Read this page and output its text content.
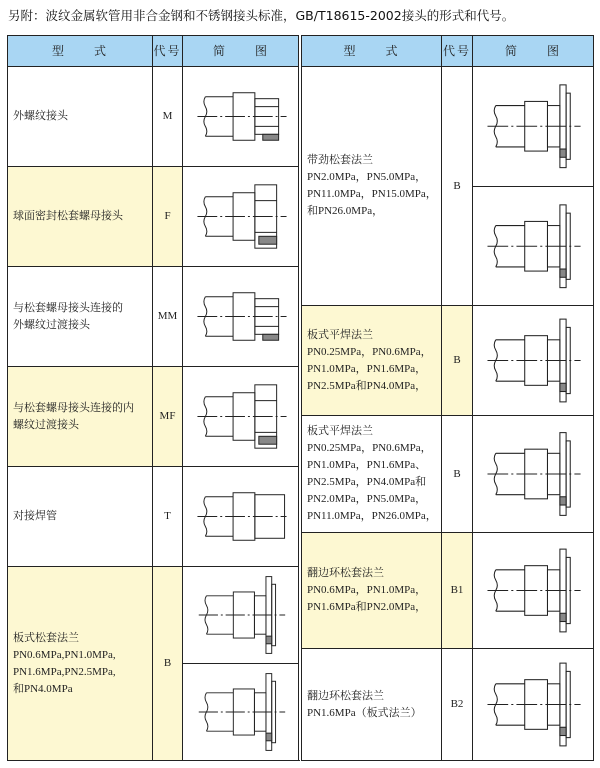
另附：波纹金属软管用非合金钢和不锈钢接头标准，GB/T18615-2002接头的形式和代号。
型　　式	代号	简　　图
外螺纹接头	M
球面密封松套螺母接头	F
与松套螺母接头连接的
外螺纹过渡接头
MM
与松套螺母接头连接的内
螺纹过渡接头
MF
对接焊管	T
板式松套法兰
PN0.6MPa,PN1.0MPa,
PN1.6MPa,PN2.5MPa,
和PN4.0MPa
B
型　　式	代号	简　　图
带劲松套法兰
PN2.0MPa，PN5.0MPa，
PN11.0MPa，PN15.0MPa，
和PN26.0MPa，
B
板式平焊法兰
PN0.25MPa，PN0.6MPa，
PN1.0MPa，PN1.6MPa，
PN2.5MPa和PN4.0MPa，
B
板式平焊法兰
PN0.25MPa，PN0.6MPa，
PN1.0MPa，PN1.6MPa、
PN2.5MPa，PN4.0MPa和
PN2.0MPa，PN5.0MPa，
PN11.0MPa，PN26.0MPa，
B
翻边环松套法兰
PN0.6MPa，PN1.0MPa，
PN1.6MPa和PN2.0MPa，
B1
翻边环松套法兰
PN1.6MPa（板式法兰）
B2
